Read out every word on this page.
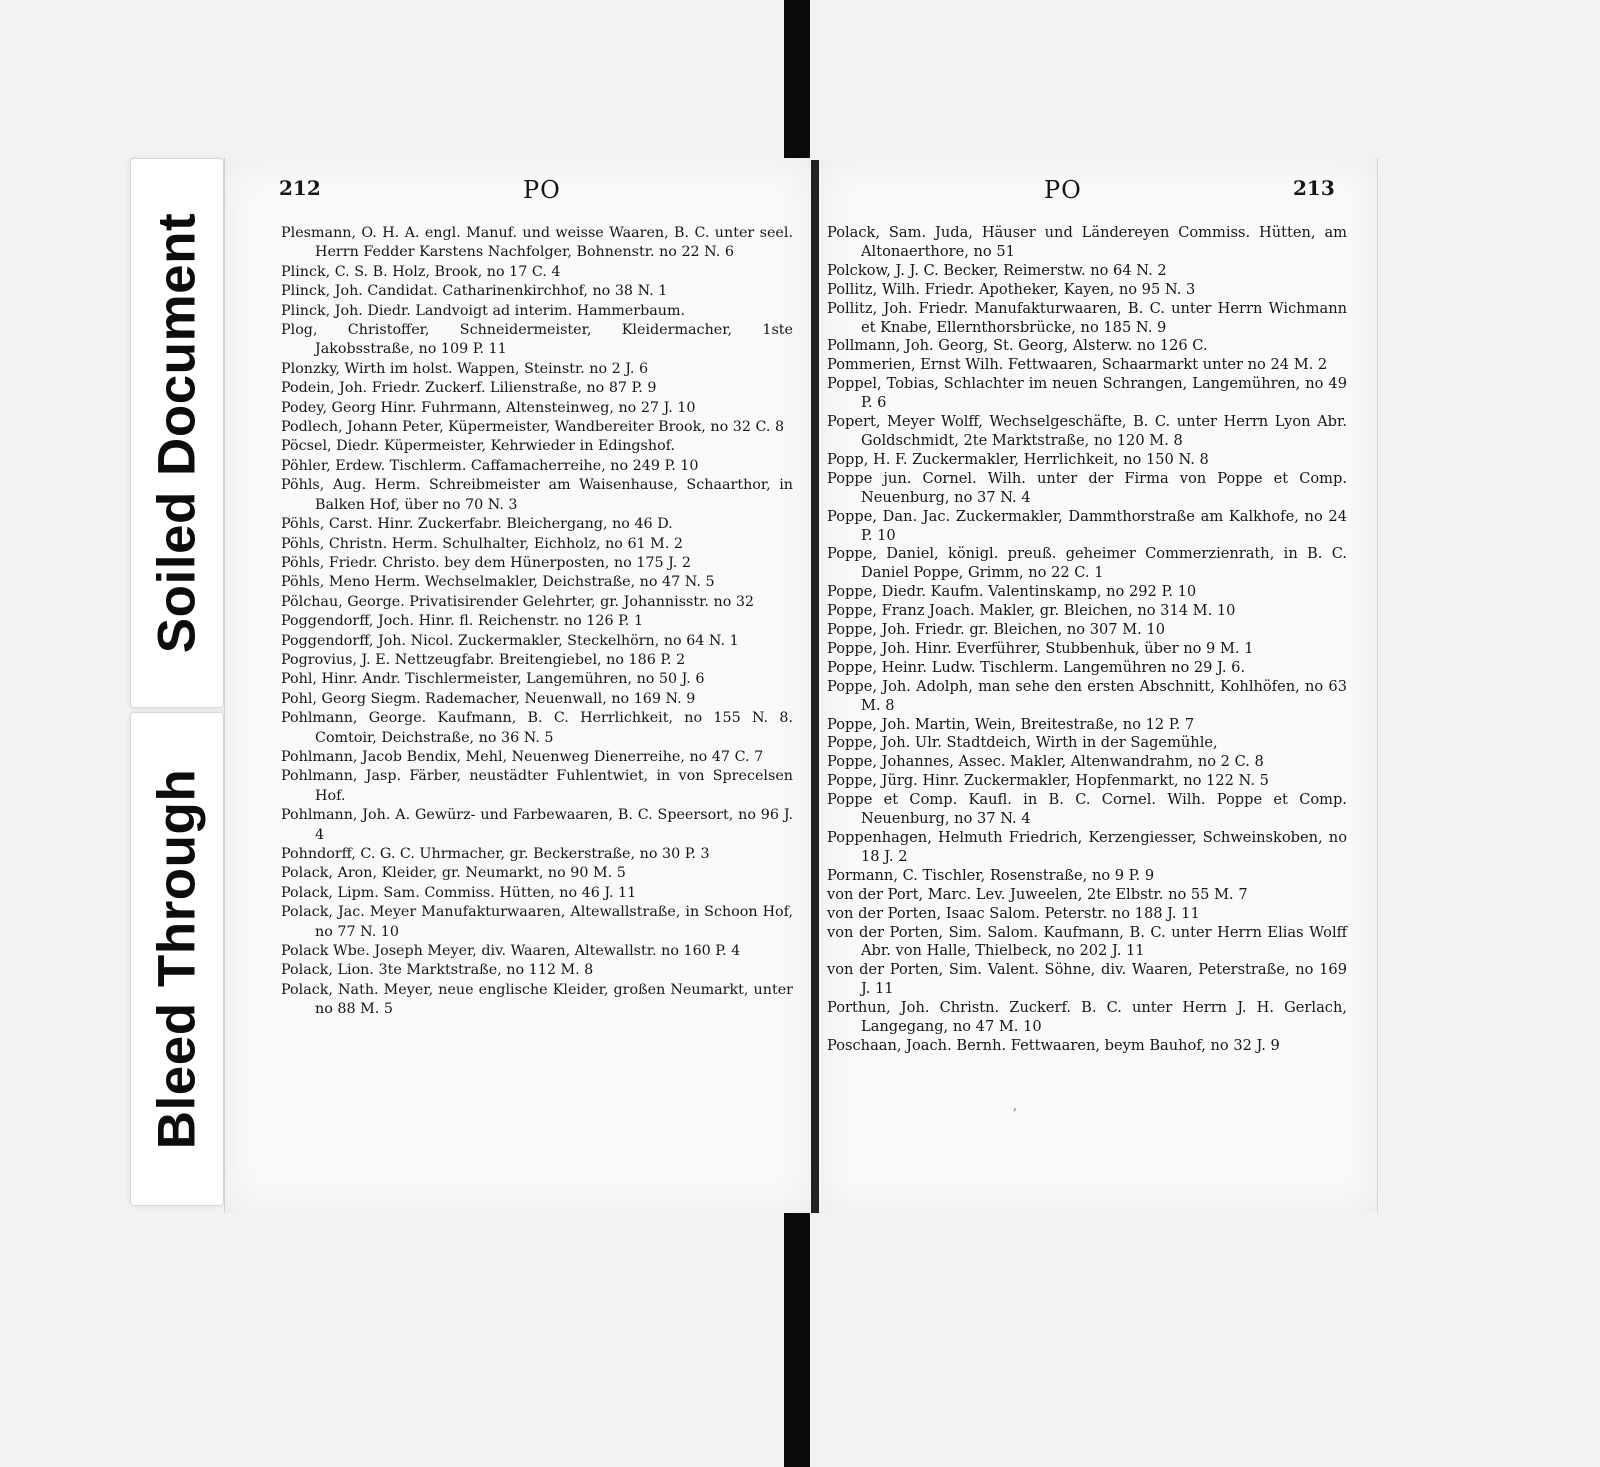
Soiled Document
Bleed Through
212	PO
Plesmann, O. H. A. engl. Manuf. und weisse Waaren, B. C. unter seel. Herrn Fedder Karstens Nachfolger, Bohnenstr. no 22 N. 6
Plinck, C. S. B. Holz, Brook, no 17 C. 4
Plinck, Joh. Candidat. Catharinenkirchhof, no 38 N. 1
Plinck, Joh. Diedr. Landvoigt ad interim. Hammerbaum.
Plog, Christoffer, Schneidermeister, Kleidermacher, 1ste Jakobsstraße, no 109 P. 11
Plonzky, Wirth im holst. Wappen, Steinstr. no 2 J. 6
Podein, Joh. Friedr. Zuckerf. Lilienstraße, no 87 P. 9
Podey, Georg Hinr. Fuhrmann, Altensteinweg, no 27 J. 10
Podlech, Johann Peter, Küpermeister, Wandbereiter Brook, no 32 C. 8
Pöcsel, Diedr. Küpermeister, Kehrwieder in Edingshof.
Pöhler, Erdew. Tischlerm. Caffamacherreihe, no 249 P. 10
Pöhls, Aug. Herm. Schreibmeister am Waisenhause, Schaarthor, in Balken Hof, über no 70 N. 3
Pöhls, Carst. Hinr. Zuckerfabr. Bleichergang, no 46 D.
Pöhls, Christn. Herm. Schulhalter, Eichholz, no 61 M. 2
Pöhls, Friedr. Christo. bey dem Hünerposten, no 175 J. 2
Pöhls, Meno Herm. Wechselmakler, Deichstraße, no 47 N. 5
Pölchau, George. Privatisirender Gelehrter, gr. Johannisstr. no 32
Poggendorff, Joch. Hinr. fl. Reichenstr. no 126 P. 1
Poggendorff, Joh. Nicol. Zuckermakler, Steckelhörn, no 64 N. 1
Pogrovius, J. E. Nettzeugfabr. Breitengiebel, no 186 P. 2
Pohl, Hinr. Andr. Tischlermeister, Langemühren, no 50 J. 6
Pohl, Georg Siegm. Rademacher, Neuenwall, no 169 N. 9
Pohlmann, George. Kaufmann, B. C. Herrlichkeit, no 155 N. 8. Comtoir, Deichstraße, no 36 N. 5
Pohlmann, Jacob Bendix, Mehl, Neuenweg Dienerreihe, no 47 C. 7
Pohlmann, Jasp. Färber, neustädter Fuhlentwiet, in von Sprecelsen Hof.
Pohlmann, Joh. A. Gewürz- und Farbewaaren, B. C. Speersort, no 96 J. 4
Pohndorff, C. G. C. Uhrmacher, gr. Beckerstraße, no 30 P. 3
Polack, Aron, Kleider, gr. Neumarkt, no 90 M. 5
Polack, Lipm. Sam. Commiss. Hütten, no 46 J. 11
Polack, Jac. Meyer Manufakturwaaren, Altewallstraße, in Schoon Hof, no 77 N. 10
Polack Wbe. Joseph Meyer, div. Waaren, Altewallstr. no 160 P. 4
Polack, Lion. 3te Marktstraße, no 112 M. 8
Polack, Nath. Meyer, neue englische Kleider, großen Neumarkt, unter no 88 M. 5
PO	213
Polack, Sam. Juda, Häuser und Ländereyen Commiss. Hütten, am Altonaerthore, no 51
Polckow, J. J. C. Becker, Reimerstw. no 64 N. 2
Pollitz, Wilh. Friedr. Apotheker, Kayen, no 95 N. 3
Pollitz, Joh. Friedr. Manufakturwaaren, B. C. unter Herrn Wichmann et Knabe, Ellernthorsbrücke, no 185 N. 9
Pollmann, Joh. Georg, St. Georg, Alsterw. no 126 C.
Pommerien, Ernst Wilh. Fettwaaren, Schaarmarkt unter no 24 M. 2
Poppel, Tobias, Schlachter im neuen Schrangen, Langemühren, no 49 P. 6
Popert, Meyer Wolff, Wechselgeschäfte, B. C. unter Herrn Lyon Abr. Goldschmidt, 2te Marktstraße, no 120 M. 8
Popp, H. F. Zuckermakler, Herrlichkeit, no 150 N. 8
Poppe jun. Cornel. Wilh. unter der Firma von Poppe et Comp. Neuenburg, no 37 N. 4
Poppe, Dan. Jac. Zuckermakler, Dammthorstraße am Kalkhofe, no 24 P. 10
Poppe, Daniel, königl. preuß. geheimer Commerzienrath, in B. C. Daniel Poppe, Grimm, no 22 C. 1
Poppe, Diedr. Kaufm. Valentinskamp, no 292 P. 10
Poppe, Franz Joach. Makler, gr. Bleichen, no 314 M. 10
Poppe, Joh. Friedr. gr. Bleichen, no 307 M. 10
Poppe, Joh. Hinr. Everführer, Stubbenhuk, über no 9 M. 1
Poppe, Heinr. Ludw. Tischlerm. Langemühren no 29 J. 6.
Poppe, Joh. Adolph, man sehe den ersten Abschnitt, Kohlhöfen, no 63 M. 8
Poppe, Joh. Martin, Wein, Breitestraße, no 12 P. 7
Poppe, Joh. Ulr. Stadtdeich, Wirth in der Sagemühle,
Poppe, Johannes, Assec. Makler, Altenwandrahm, no 2 C. 8
Poppe, Jürg. Hinr. Zuckermakler, Hopfenmarkt, no 122 N. 5
Poppe et Comp. Kaufl. in B. C. Cornel. Wilh. Poppe et Comp. Neuenburg, no 37 N. 4
Poppenhagen, Helmuth Friedrich, Kerzengiesser, Schweinskoben, no 18 J. 2
Pormann, C. Tischler, Rosenstraße, no 9 P. 9
von der Port, Marc. Lev. Juweelen, 2te Elbstr. no 55 M. 7
von der Porten, Isaac Salom. Peterstr. no 188 J. 11
von der Porten, Sim. Salom. Kaufmann, B. C. unter Herrn Elias Wolff Abr. von Halle, Thielbeck, no 202 J. 11
von der Porten, Sim. Valent. Söhne, div. Waaren, Peterstraße, no 169 J. 11
Porthun, Joh. Christn. Zuckerf. B. C. unter Herrn J. H. Gerlach, Langegang, no 47 M. 10
Poschaan, Joach. Bernh. Fettwaaren, beym Bauhof, no 32 J. 9
,
